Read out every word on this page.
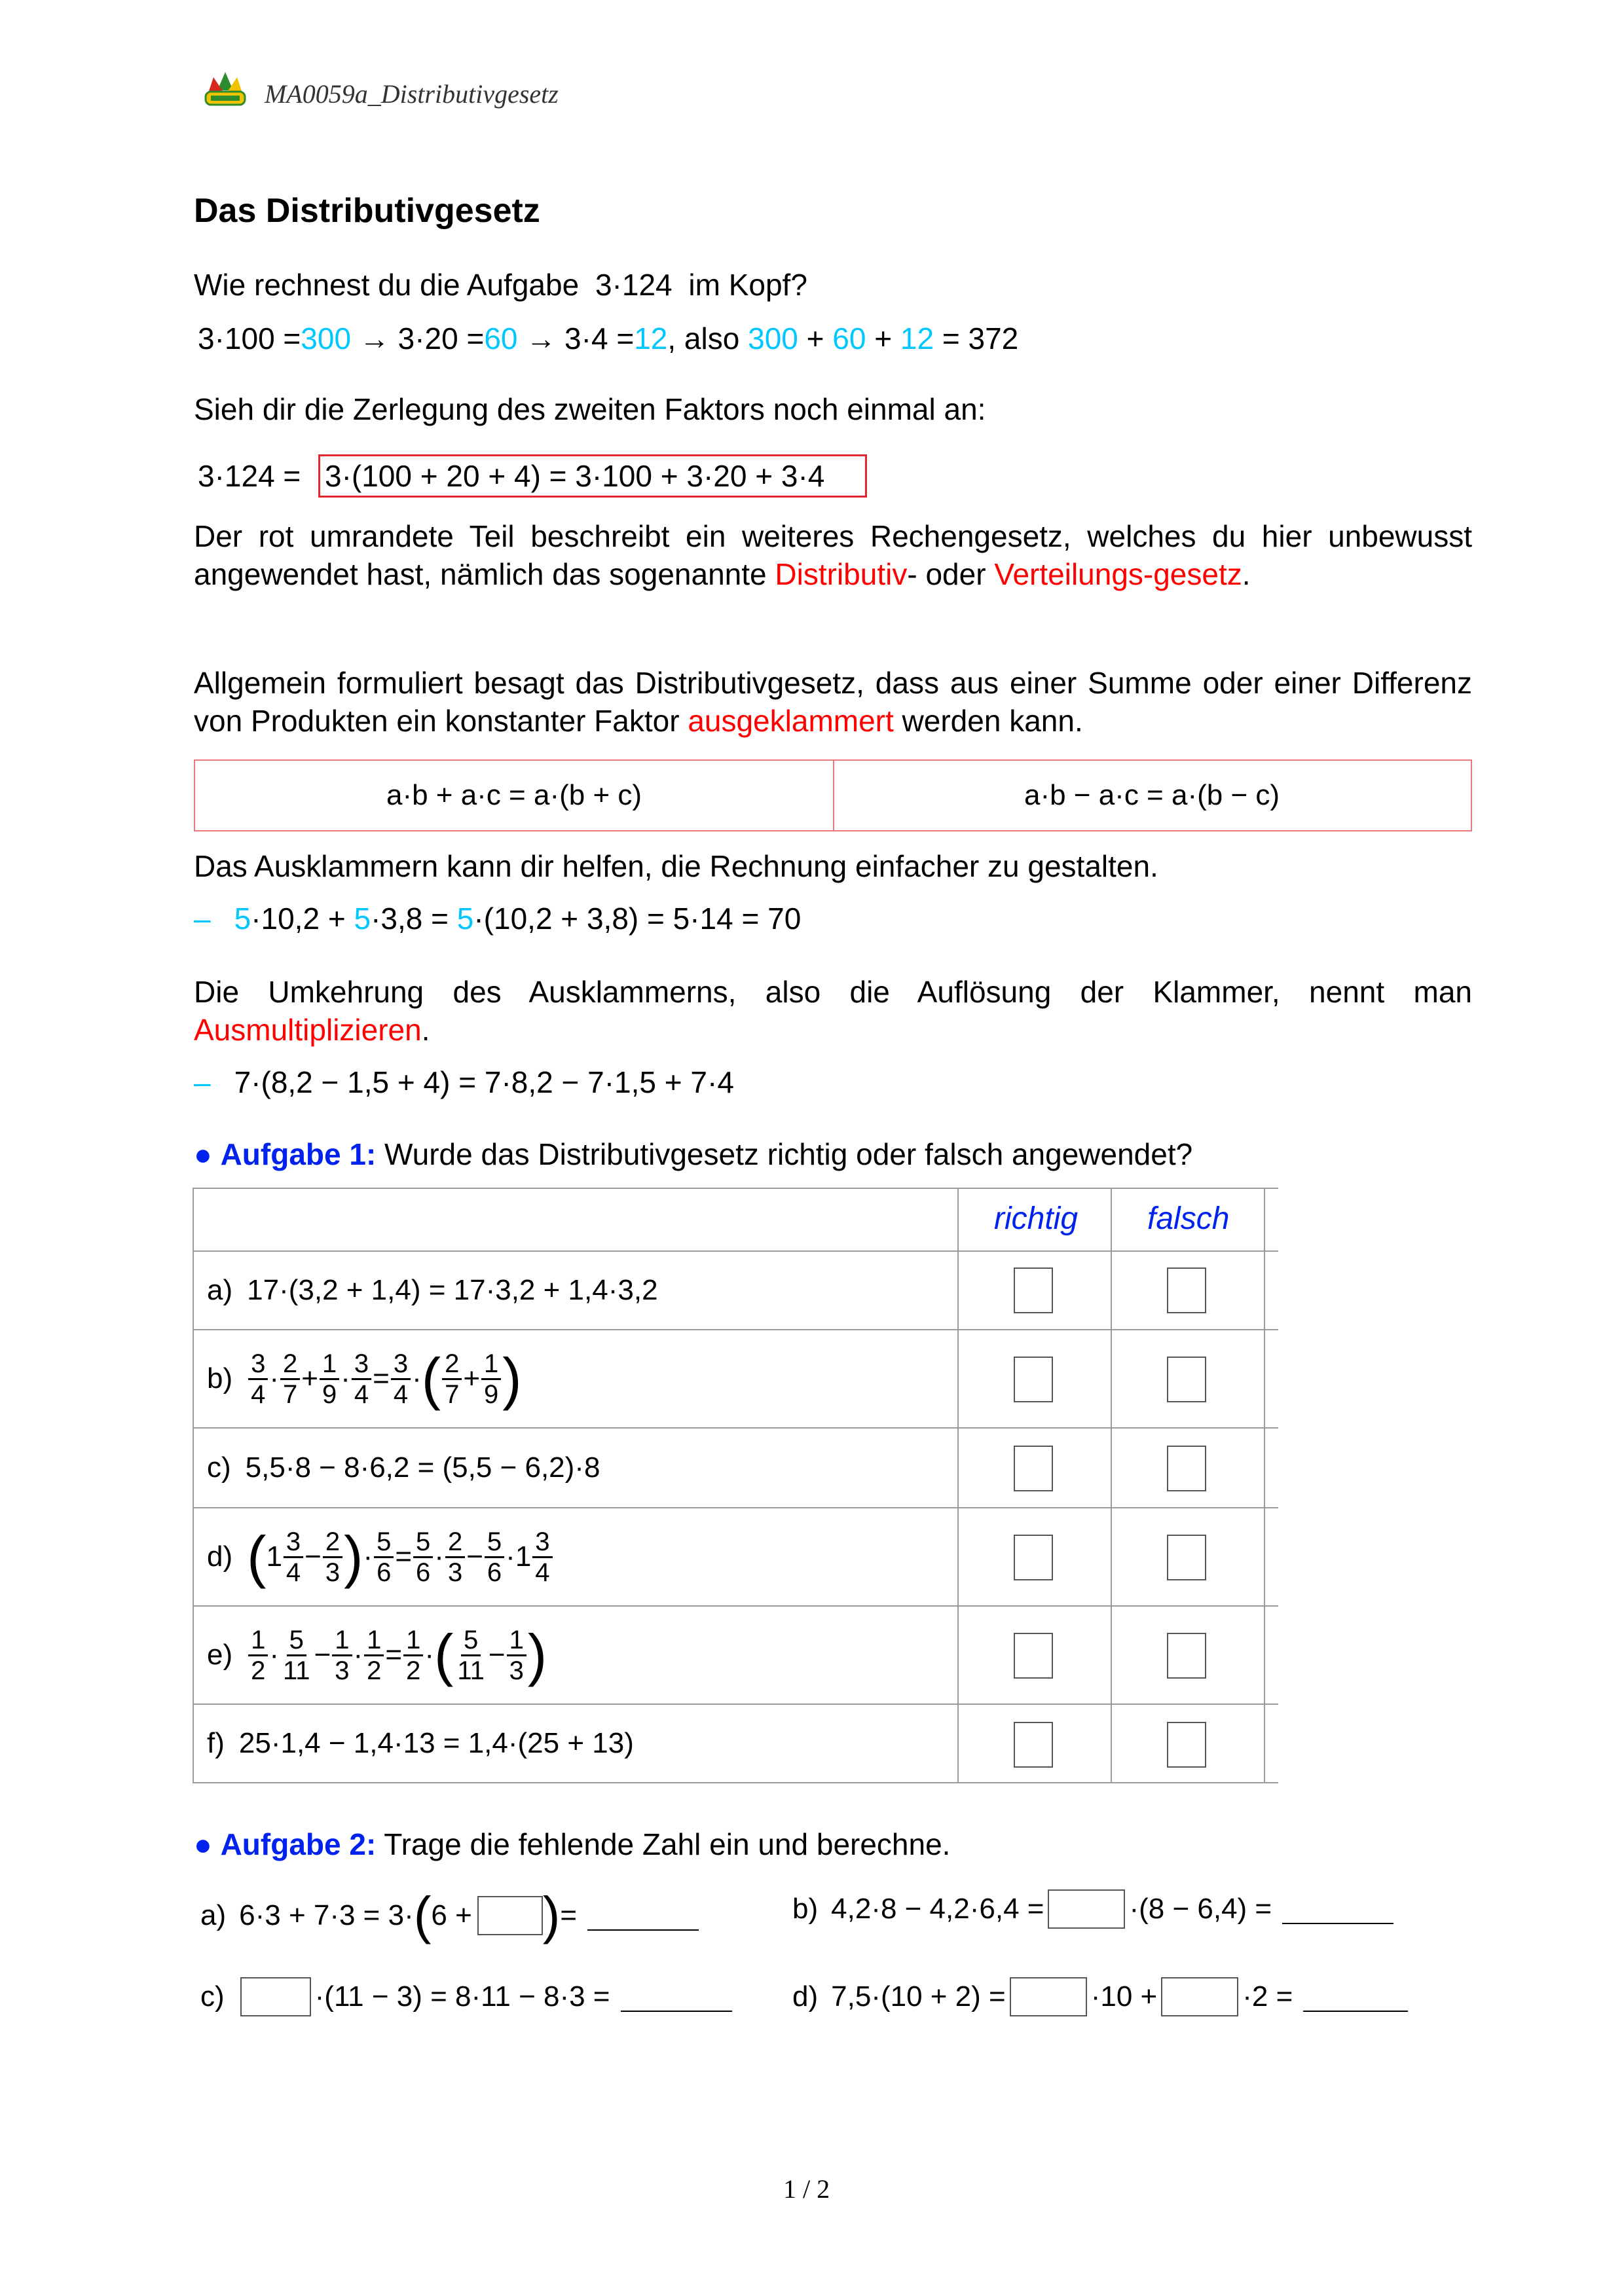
MA0059a_Distributivgesetz
Das Distributivgesetz
Wie rechnest du die Aufgabe 3·124 im Kopf?
3·100 =300 → 3·20 =60 → 3·4 =12, also 300 + 60 + 12 = 372
Sieh dir die Zerlegung des zweiten Faktors noch einmal an:
3·124 = 3·(100 + 20 + 4) = 3·100 + 3·20 + 3·4
Der rot umrandete Teil beschreibt ein weiteres Rechengesetz, welches du hier unbewusst angewendet hast, nämlich das sogenannte Distributiv- oder Verteilungs-gesetz.
Allgemein formuliert besagt das Distributivgesetz, dass aus einer Summe oder einer Differenz von Produkten ein konstanter Faktor ausgeklammert werden kann.
a·b + a·c = a·(b + c)	a·b − a·c = a·(b − c)
Das Ausklammern kann dir helfen, die Rechnung einfacher zu gestalten.
– 5·10,2 + 5·3,8 = 5·(10,2 + 3,8) = 5·14 = 70
Die Umkehrung des Ausklammerns, also die Auflösung der Klammer, nennt man Ausmultiplizieren.
– 7·(8,2 − 1,5 + 4) = 7·8,2 − 7·1,5 + 7·4
● Aufgabe 1: Wurde das Distributivgesetz richtig oder falsch angewendet?
richtig falsch
a) 17·(3,2 + 1,4) = 17·3,2 + 1,4·3,2
$b) \frac{3}{4} \cdot \frac{2}{7} + \frac{1}{9} \cdot \frac{3}{4} = \frac{3}{4}$ · ( $\frac{2}{7} + \frac{1}{9}$ )
c) 5,5·8 − 8·6,2 = (5,5 − 6,2)·8
d) ( $1 \frac{3}{4} - \frac{2}{3}$ ) · $\frac{5}{6} = \frac{5}{6} \cdot \frac{2}{3} - \frac{5}{6} \cdot 1 \frac{3}{4}$
$e) \frac{1}{2} \cdot \frac{5}{11} - \frac{1}{3} \cdot \frac{1}{2} = \frac{1}{2}$ · ( $\frac{5}{11} - \frac{1}{3}$ )
f) 25·1,4 − 1,4·13 = 1,4·(25 + 13)
● Aufgabe 2: Trage die fehlende Zahl ein und berechne.
a) 6·3 + 7·3 = 3· ( 6 + ) =	b) 4,2·8 − 4,2·6,4 =	·(8 − 6,4) =
c)	·(11 − 3) = 8·11 − 8·3 =	d) 7,5·(10 + 2) =	·10 +	·2 =
1 / 2
